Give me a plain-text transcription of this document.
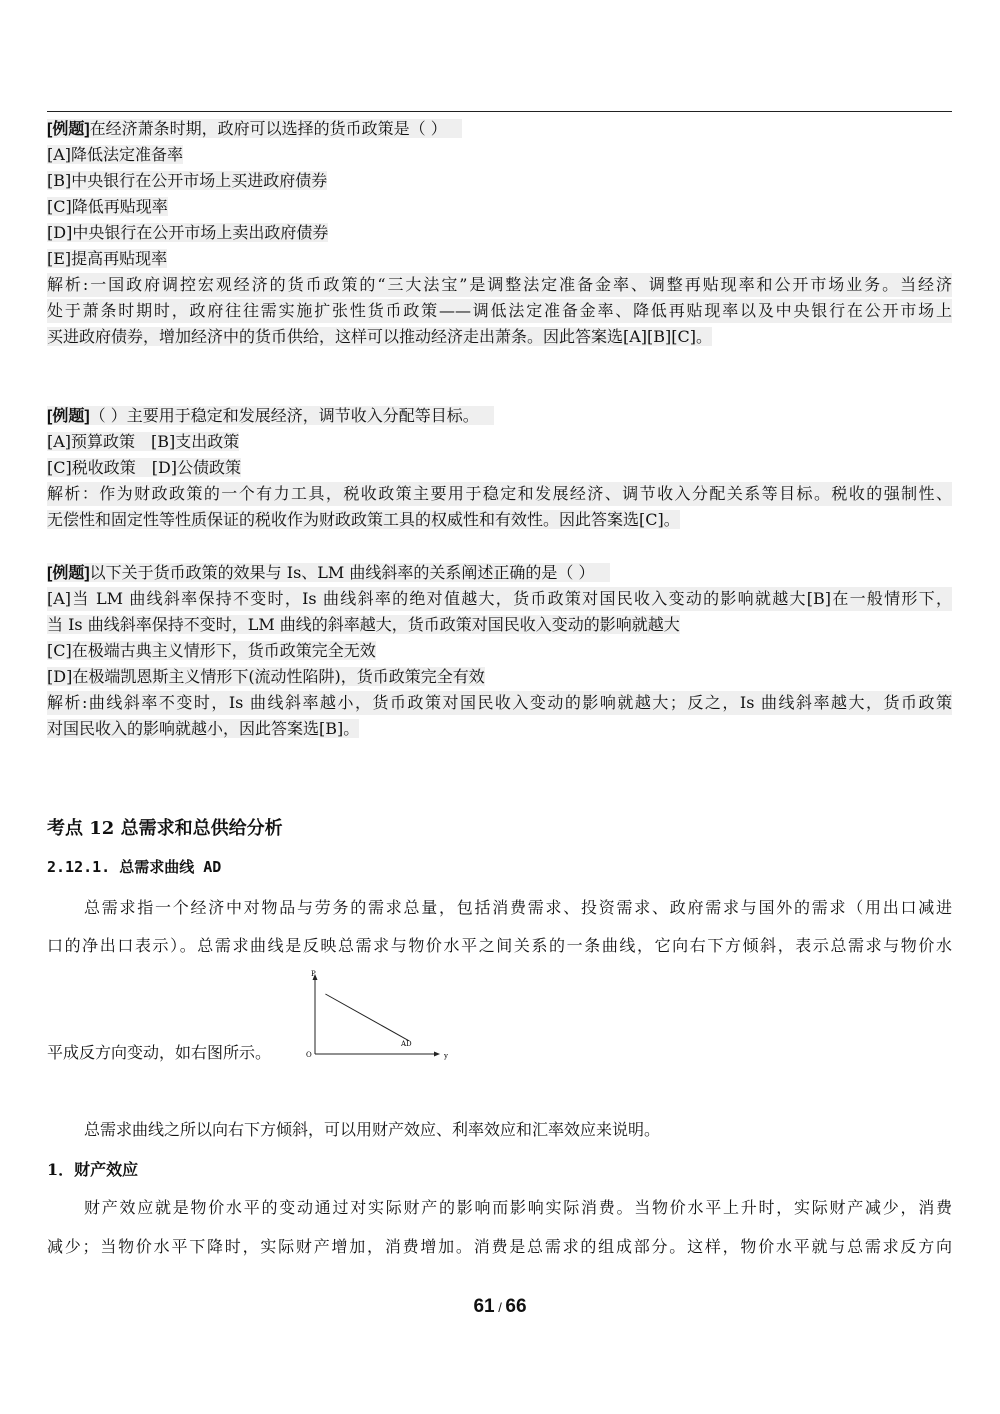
[例题]在经济萧条时期，政府可以选择的货币政策是（ ）
[A]降低法定准备率
[B]中央银行在公开市场上买进政府债券
[C]降低再贴现率
[D]中央银行在公开市场上卖出政府债券
[E]提高再贴现率
解析:一国政府调控宏观经济的货币政策的“三大法宝”是调整法定准备金率、调整再贴现率和公开市场业务。当经济
处于萧条时期时，政府往往需实施扩张性货币政策——调低法定准备金率、降低再贴现率以及中央银行在公开市场上
买进政府债券，增加经济中的货币供给，这样可以推动经济走出萧条。因此答案选[A][B][C]。
[例题]（ ）主要用于稳定和发展经济，调节收入分配等目标。
[A]预算政策 [B]支出政策
[C]税收政策 [D]公债政策
解析：作为财政政策的一个有力工具，税收政策主要用于稳定和发展经济、调节收入分配关系等目标。税收的强制性、
无偿性和固定性等性质保证的税收作为财政政策工具的权威性和有效性。因此答案选[C]。
[例题]以下关于货币政策的效果与 Is、LM 曲线斜率的关系阐述正确的是（ ）
[A]当 LM 曲线斜率保持不变时，Is 曲线斜率的绝对值越大，货币政策对国民收入变动的影响就越大[B]在一般情形下，
当 Is 曲线斜率保持不变时，LM 曲线的斜率越大，货币政策对国民收入变动的影响就越大
[C]在极端古典主义情形下，货币政策完全无效
[D]在极端凯恩斯主义情形下(流动性陷阱)，货币政策完全有效
解析:曲线斜率不变时，Is 曲线斜率越小，货币政策对国民收入变动的影响就越大；反之，Is 曲线斜率越大，货币政策
对国民收入的影响就越小，因此答案选[B]。
考点 12 总需求和总供给分析
2.12.1. 总需求曲线 AD
总需求指一个经济中对物品与劳务的需求总量，包括消费需求、投资需求、政府需求与国外的需求（用出口减进
口的净出口表示）。总需求曲线是反映总需求与物价水平之间关系的一条曲线，它向右下方倾斜，表示总需求与物价水
平成反方向变动，如右图所示。
P
y
O
AD
总需求曲线之所以向右下方倾斜，可以用财产效应、利率效应和汇率效应来说明。
1．财产效应
财产效应就是物价水平的变动通过对实际财产的影响而影响实际消费。当物价水平上升时，实际财产减少，消费
减少；当物价水平下降时，实际财产增加，消费增加。消费是总需求的组成部分。这样，物价水平就与总需求反方向
61 / 66
